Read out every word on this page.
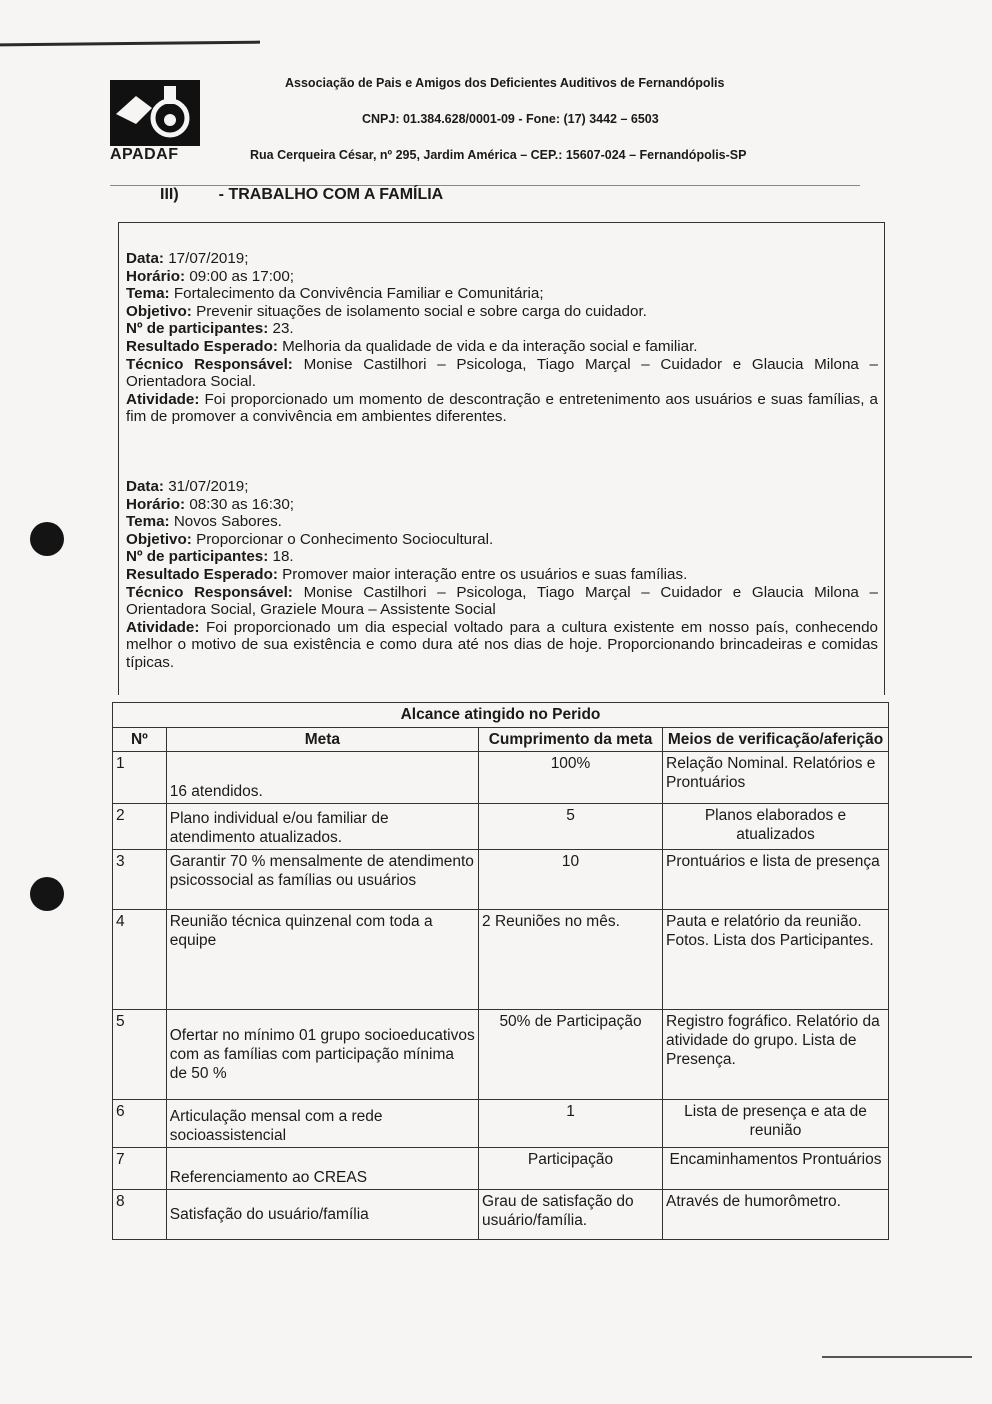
APADAF
Associação de Pais e Amigos dos Deficientes Auditivos de Fernandópolis
CNPJ: 01.384.628/0001-09 - Fone: (17) 3442 – 6503
Rua Cerqueira César, nº 295, Jardim América – CEP.: 15607-024 – Fernandópolis-SP
III)	- TRABALHO COM A FAMÍLIA
Data: 17/07/2019;
Horário: 09:00 as 17:00;
Tema: Fortalecimento da Convivência Familiar e Comunitária;
Objetivo: Prevenir situações de isolamento social e sobre carga do cuidador.
Nº de participantes: 23.
Resultado Esperado: Melhoria da qualidade de vida e da interação social e familiar.
Técnico Responsável: Monise Castilhori – Psicologa, Tiago Marçal – Cuidador e Glaucia Milona – Orientadora Social.
Atividade: Foi proporcionado um momento de descontração e entretenimento aos usuários e suas famílias, a fim de promover a convivência em ambientes diferentes.
Data: 31/07/2019;
Horário: 08:30 as 16:30;
Tema: Novos Sabores.
Objetivo: Proporcionar o Conhecimento Sociocultural.
Nº de participantes: 18.
Resultado Esperado: Promover maior interação entre os usuários e suas famílias.
Técnico Responsável: Monise Castilhori – Psicologa, Tiago Marçal – Cuidador e Glaucia Milona – Orientadora Social, Graziele Moura – Assistente Social
Atividade: Foi proporcionado um dia especial voltado para a cultura existente em nosso país, conhecendo melhor o motivo de sua existência e como dura até nos dias de hoje. Proporcionando brincadeiras e comidas típicas.
Alcance atingido no Perido			
Nº	Meta	Cumprimento da meta	Meios de verificação/aferição
1	16 atendidos.	100%	Relação Nominal. Relatórios e Prontuários
2	Plano individual e/ou familiar de atendimento atualizados.	5	Planos elaborados e atualizados
3	Garantir 70 % mensalmente de atendimento psicossocial as famílias ou usuários	10	Prontuários e lista de presença
4	Reunião técnica quinzenal com toda a equipe	2 Reuniões no mês.	Pauta e relatório da reunião. Fotos. Lista dos Participantes.
5	Ofertar no mínimo 01 grupo socioeducativos com as famílias com participação mínima de 50 %	50% de Participação	Registro fográfico. Relatório da atividade do grupo. Lista de Presença.
6	Articulação mensal com a rede socioassistencial	1	Lista de presença e ata de reunião
7	Referenciamento ao CREAS	Participação	Encaminhamentos Prontuários
8	Satisfação do usuário/família	Grau de satisfação do usuário/família.	Através de humorômetro.
